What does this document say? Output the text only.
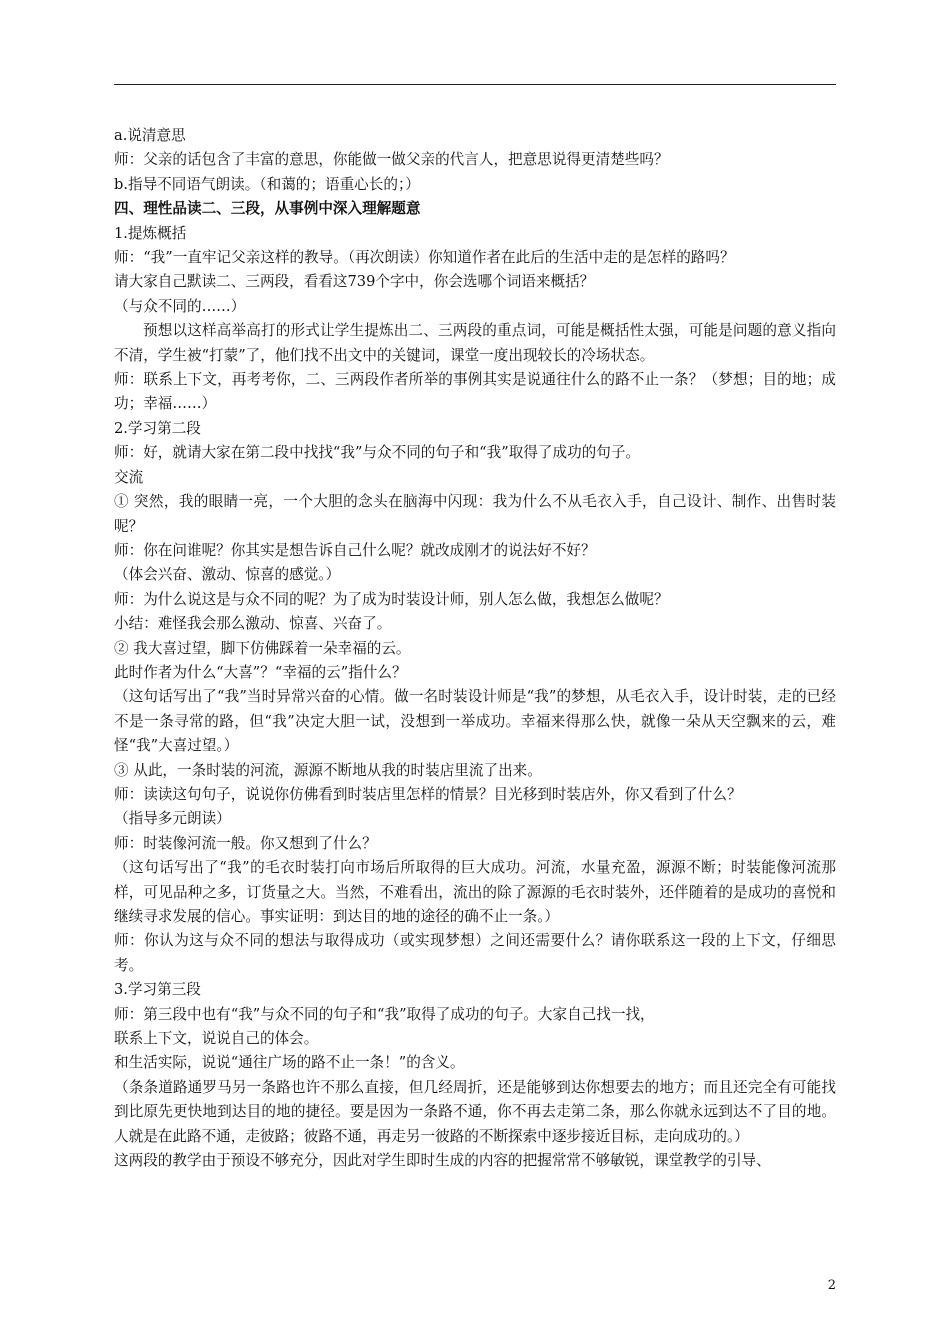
a.说清意思

师：父亲的话包含了丰富的意思，你能做一做父亲的代言人，把意思说得更清楚些吗？

b.指导不同语气朗读。（和蔼的；语重心长的；）

四、理性品读二、三段，从事例中深入理解题意

1.提炼概括

师：“我”一直牢记父亲这样的教导。（再次朗读）你知道作者在此后的生活中走的是怎样的路吗？

请大家自己默读二、三两段，看看这739个字中，你会选哪个词语来概括？

（与众不同的……）

预想以这样高举高打的形式让学生提炼出二、三两段的重点词，可能是概括性太强，可能是问题的意义指向不清，学生被“打蒙”了，他们找不出文中的关键词，课堂一度出现较长的冷场状态。

师：联系上下文，再考考你，二、三两段作者所举的事例其实是说通往什么的路不止一条？（梦想；目的地；成功；幸福……）

2.学习第二段

师：好，就请大家在第二段中找找“我”与众不同的句子和“我”取得了成功的句子。

交流

① 突然，我的眼睛一亮，一个大胆的念头在脑海中闪现：我为什么不从毛衣入手，自己设计、制作、出售时装呢？

师：你在问谁呢？你其实是想告诉自己什么呢？就改成刚才的说法好不好？

（体会兴奋、激动、惊喜的感觉。）

师：为什么说这是与众不同的呢？为了成为时装设计师，别人怎么做，我想怎么做呢？

小结：难怪我会那么激动、惊喜、兴奋了。

② 我大喜过望，脚下仿佛踩着一朵幸福的云。

此时作者为什么“大喜”？“幸福的云”指什么？

（这句话写出了“我”当时异常兴奋的心情。做一名时装设计师是“我”的梦想，从毛衣入手，设计时装，走的已经不是一条寻常的路，但“我”决定大胆一试，没想到一举成功。幸福来得那么快，就像一朵从天空飘来的云，难怪“我”大喜过望。）

③ 从此，一条时装的河流，源源不断地从我的时装店里流了出来。

师：读读这句句子，说说你仿佛看到时装店里怎样的情景？目光移到时装店外，你又看到了什么？

（指导多元朗读）

师：时装像河流一般。你又想到了什么？

（这句话写出了“我”的毛衣时装打向市场后所取得的巨大成功。河流，水量充盈，源源不断；时装能像河流那样，可见品种之多，订货量之大。当然，不难看出，流出的除了源源的毛衣时装外，还伴随着的是成功的喜悦和继续寻求发展的信心。事实证明：到达目的地的途径的确不止一条。）

师：你认为这与众不同的想法与取得成功（或实现梦想）之间还需要什么？请你联系这一段的上下文，仔细思考。

3.学习第三段

师：第三段中也有“我”与众不同的句子和“我”取得了成功的句子。大家自己找一找，

联系上下文，说说自己的体会。

和生活实际，说说“通往广场的路不止一条！”的含义。

（条条道路通罗马另一条路也许不那么直接，但几经周折，还是能够到达你想要去的地方；而且还完全有可能找到比原先更快地到达目的地的捷径。要是因为一条路不通，你不再去走第二条，那么你就永远到达不了目的地。人就是在此路不通，走彼路；彼路不通，再走另一彼路的不断探索中逐步接近目标，走向成功的。）

这两段的教学由于预设不够充分，因此对学生即时生成的内容的把握常常不够敏锐，课堂教学的引导、

2
